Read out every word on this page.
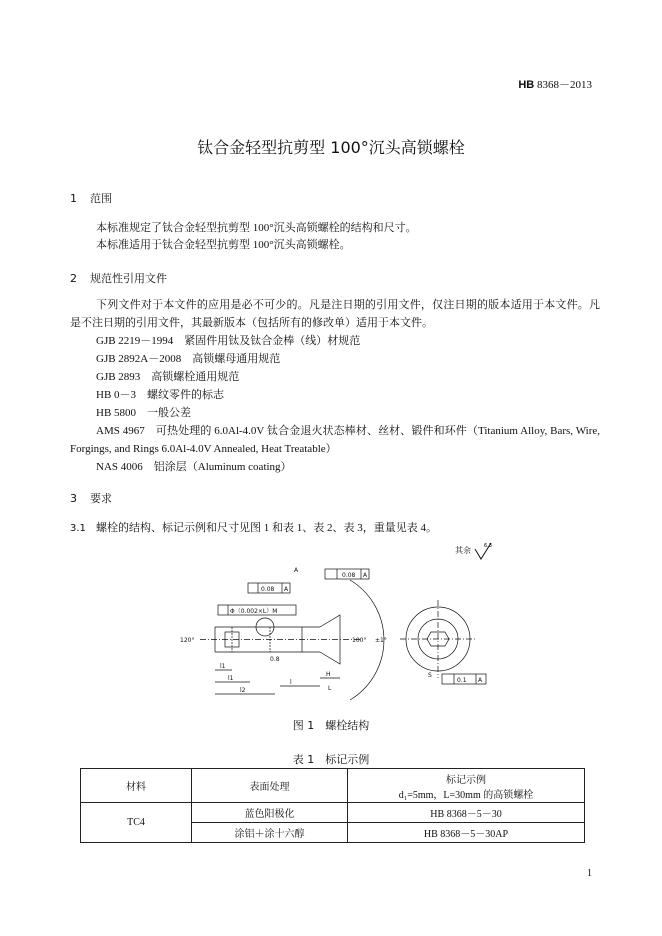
HB 8368－2013
钛合金轻型抗剪型 100°沉头高锁螺栓
1 范围
本标准规定了钛合金轻型抗剪型 100°沉头高锁螺栓的结构和尺寸。
本标准适用于钛合金轻型抗剪型 100°沉头高锁螺栓。
2 规范性引用文件
下列文件对于本文件的应用是必不可少的。凡是注日期的引用文件，仅注日期的版本适用于本文件。凡是不注日期的引用文件，其最新版本（包括所有的修改单）适用于本文件。
GJB 2219－1994　紧固件用钛及钛合金棒（线）材规范
GJB 2892A－2008　高锁螺母通用规范
GJB 2893　高锁螺栓通用规范
HB 0－3　螺纹零件的标志
HB 5800　一般公差
AMS 4967　可热处理的 6.0Al-4.0V 钛合金退火状态棒材、丝材、锻件和环件（Titanium Alloy, Bars, Wire, Forgings, and Rings 6.0Al-4.0V Annealed, Heat Treatable）
NAS 4006　铝涂层（Aluminum coating）
3 要求
3.1 螺栓的结构、标记示例和尺寸见图 1 和表 1、表 2、表 3，重量见表 4。
其余	6.3
0.08 A
0.08 A
Φ（0.002×L）M
A
100° ±1°
120°
l1
l1
l2
l
H
L
0.8
0.1 A
S
图 1　螺栓结构
表 1　标记示例
材料	表面处理	标记示例
d₁=5mm，L=30mm 的高锁螺栓

TC4	蓝色阳极化	HB 8368－5－30
	涂铝＋涂十六醇	HB 8368－5－30AP
1
